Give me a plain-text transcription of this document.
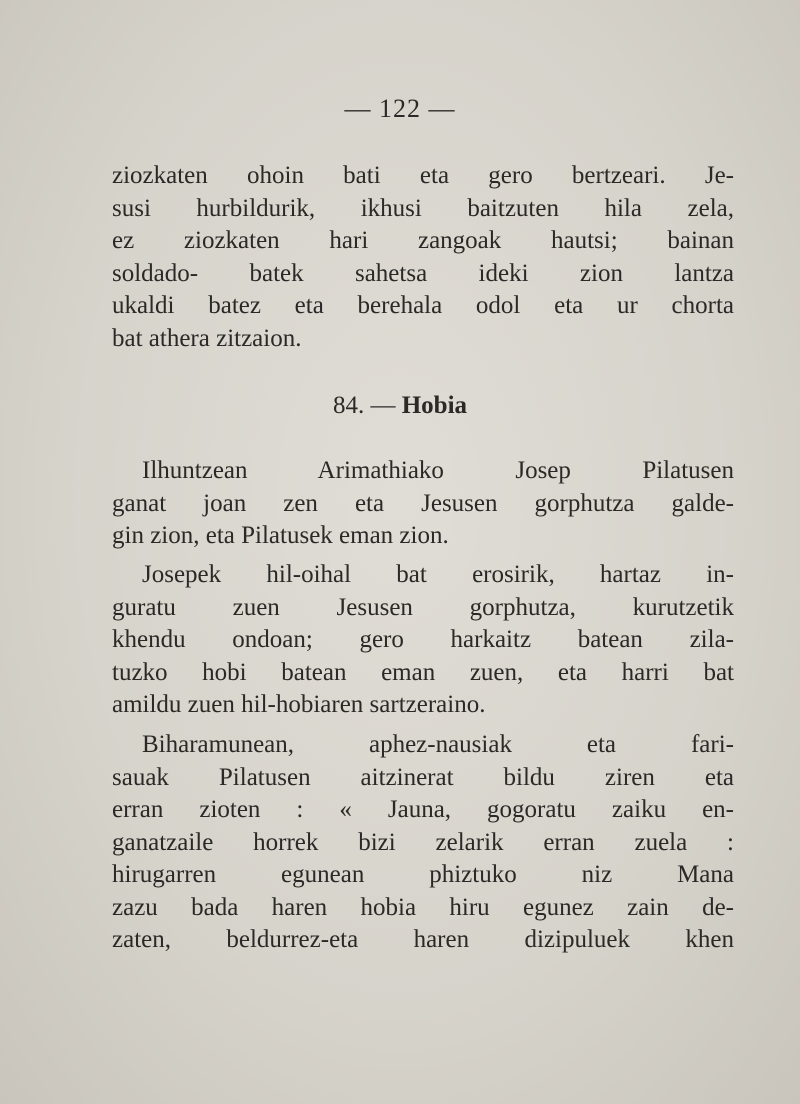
— 122 —
ziozkaten ohoin bati eta gero bertzeari. Je-
susi hurbildurik, ikhusi baitzuten hila zela,
ez ziozkaten hari zangoak hautsi; bainan
soldado- batek sahetsa ideki zion lantza
ukaldi batez eta berehala odol eta ur chorta
bat athera zitzaion.
84. — Hobia
Ilhuntzean Arimathiako Josep Pilatusen
ganat joan zen eta Jesusen gorphutza galde-
gin zion, eta Pilatusek eman zion.
Josepek hil-oihal bat erosirik, hartaz in-
guratu zuen Jesusen gorphutza, kurutzetik
khendu ondoan; gero harkaitz batean zila-
tuzko hobi batean eman zuen, eta harri bat
amildu zuen hil-hobiaren sartzeraino.
Biharamunean, aphez-nausiak eta fari-
sauak Pilatusen aitzinerat bildu ziren eta
erran zioten : « Jauna, gogoratu zaiku en-
ganatzaile horrek bizi zelarik erran zuela :
hirugarren egunean phiztuko niz Mana
zazu bada haren hobia hiru egunez zain de-
zaten, beldurrez-eta haren dizipuluek khen
